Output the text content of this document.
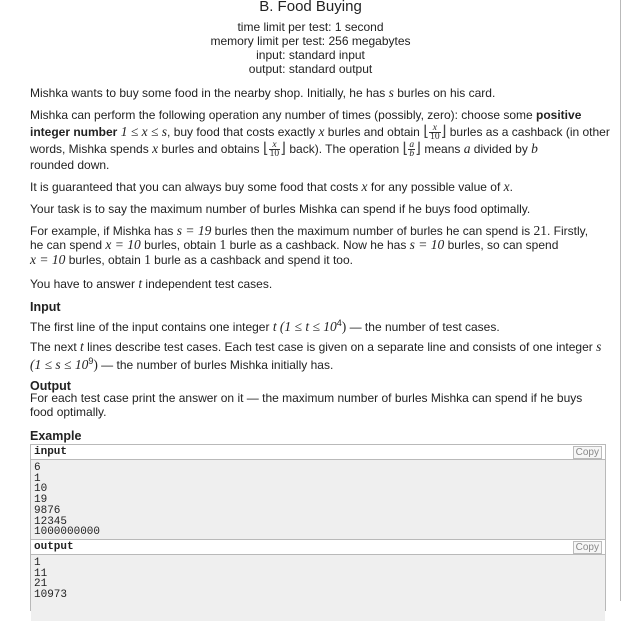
B. Food Buying
time limit per test: 1 second
memory limit per test: 256 megabytes
input: standard input
output: standard output

Mishka wants to buy some food in the nearby shop. Initially, he has s burles on his card.

Mishka can perform the following operation any number of times (possibly, zero): choose some positive integer number 1 ≤ x ≤ s, buy food that costs exactly x burles and obtain ⌊ $\frac{x}{10}$ ⌋ burles as a cashback (in other words, Mishka spends x burles and obtains ⌊ $\frac{x}{10}$ ⌋ back). The operation ⌊ $\frac{a}{b}$ ⌋ means a divided by b
rounded down.

It is guaranteed that you can always buy some food that costs x for any possible value of x.

Your task is to say the maximum number of burles Mishka can spend if he buys food optimally.

For example, if Mishka has s = 19 burles then the maximum number of burles he can spend is 21. Firstly,
he can spend x = 10 burles, obtain 1 burle as a cashback. Now he has s = 10 burles, so can spend
x = 10 burles, obtain 1 burle as a cashback and spend it too.

You have to answer t independent test cases.

Input

The first line of the input contains one integer t $(1 \le t \le 10^4)$ — the number of test cases.

The next t lines describe test cases. Each test case is given on a separate line and consists of one integer s
$(1 \le s \le 10^9)$ — the number of burles Mishka initially has.

Output

For each test case print the answer on it — the maximum number of burles Mishka can spend if he buys food optimally.

Example
input	Copy
6
1
10
19
9876
12345
1000000000
output	Copy
1
11
21
10973
